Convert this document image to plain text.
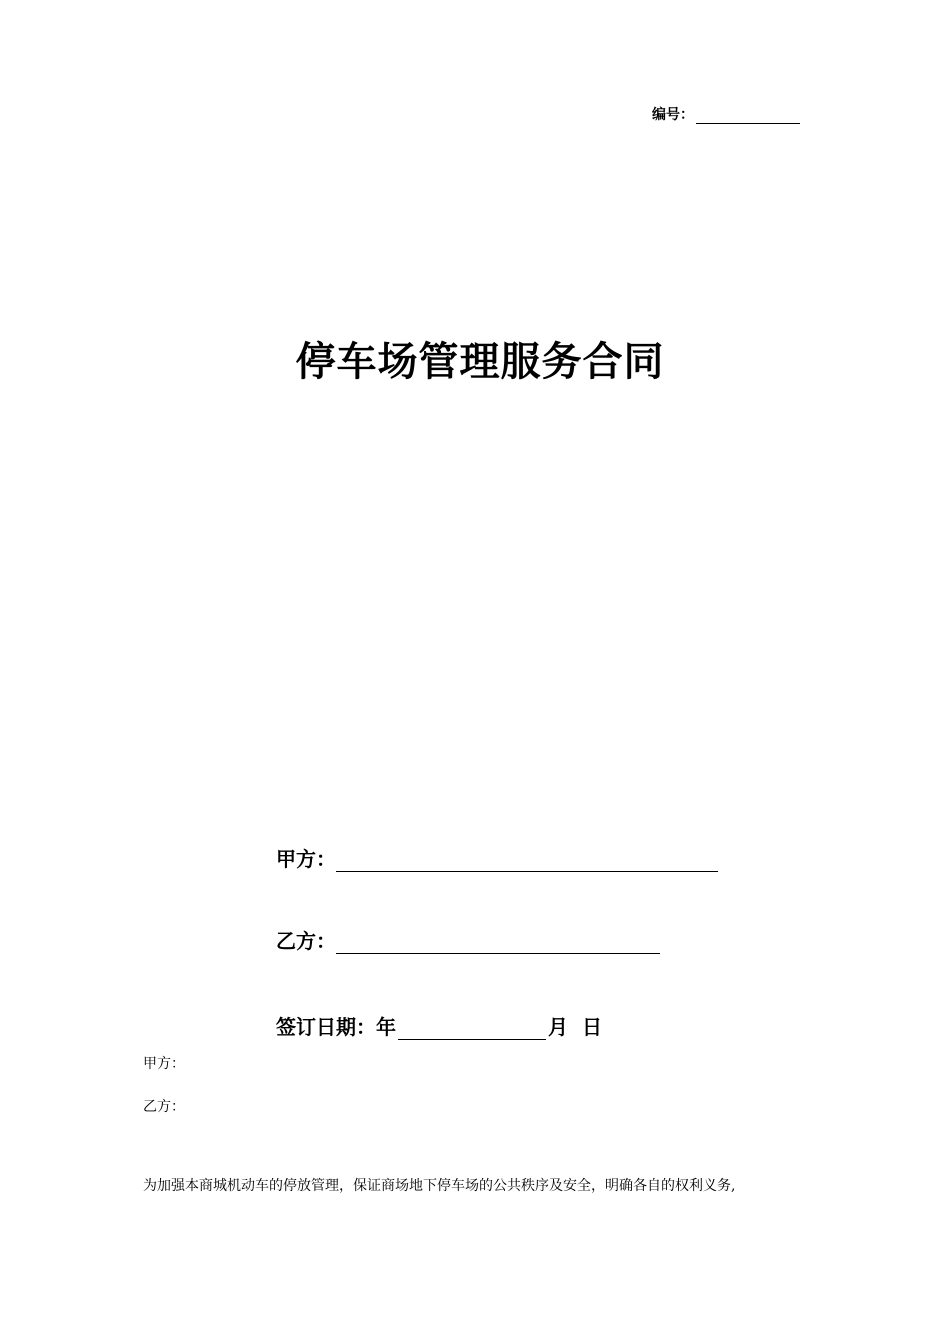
编号：
停车场管理服务合同
甲方：
乙方：
签订日期：年	月 日
甲方：
乙方：
为加强本商城机动车的停放管理，保证商场地下停车场的公共秩序及安全，明确各自的权利义务,
